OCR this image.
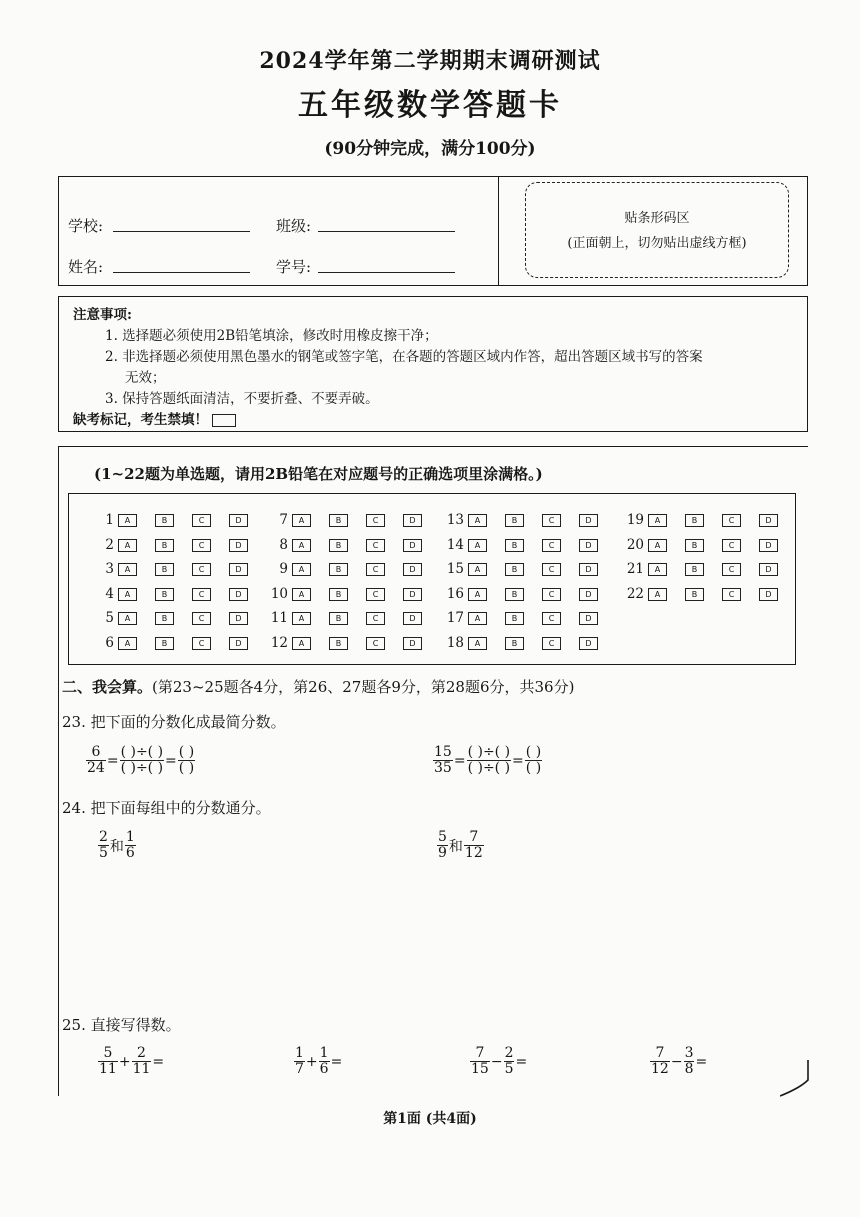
2024学年第二学期期末调研测试
五年级数学答题卡
(90分钟完成，满分100分)
学校:	班级:
姓名:	学号:
贴条形码区
(正面朝上，切勿贴出虚线方框)
注意事项:
1. 选择题必须使用2B铅笔填涂，修改时用橡皮擦干净；
2. 非选择题必须使用黑色墨水的钢笔或签字笔，在各题的答题区域内作答，超出答题区域书写的答案
无效；
3. 保持答题纸面清洁，不要折叠、不要弄破。
缺考标记，考生禁填！
(1~22题为单选题，请用2B铅笔在对应题号的正确选项里涂满格。)
1 A	B	C	D
2 A	B	C	D
3 A	B	C	D
4 A	B	C	D
5 A	B	C	D
6 A	B	C	D
7 A	B	C	D
8 A	B	C	D
9 A	B	C	D
10 A	B	C	D
11 A	B	C	D
12 A	B	C	D
13 A	B	C	D
14 A	B	C	D
15 A	B	C	D
16 A	B	C	D
17 A	B	C	D
18 A	B	C	D
19 A	B	C	D
20 A	B	C	D
21 A	B	C	D
22 A	B	C	D
二、我会算。(第23~25题各4分，第26、27题各9分，第28题6分，共36分)
23. 把下面的分数化成最简分数。
$\frac{6}{24} = \frac{( )\div( )}{( )\div( )} = \frac{( )}{( )}$	$\frac{15}{35} = \frac{( )\div( )}{( )\div( )} = \frac{( )}{( )}$
24. 把下面每组中的分数通分。
$\frac{2}{5}$ 和 $\frac{1}{6}$	$\frac{5}{9}$ 和 $\frac{7}{12}$
25. 直接写得数。
$\frac{5}{11} + \frac{2}{11}$ =	$\frac{1}{7} + \frac{1}{6}$ =	$\frac{7}{15} - \frac{2}{5}$ =	$\frac{7}{12} - \frac{3}{8}$ =
第1面 (共4面)
